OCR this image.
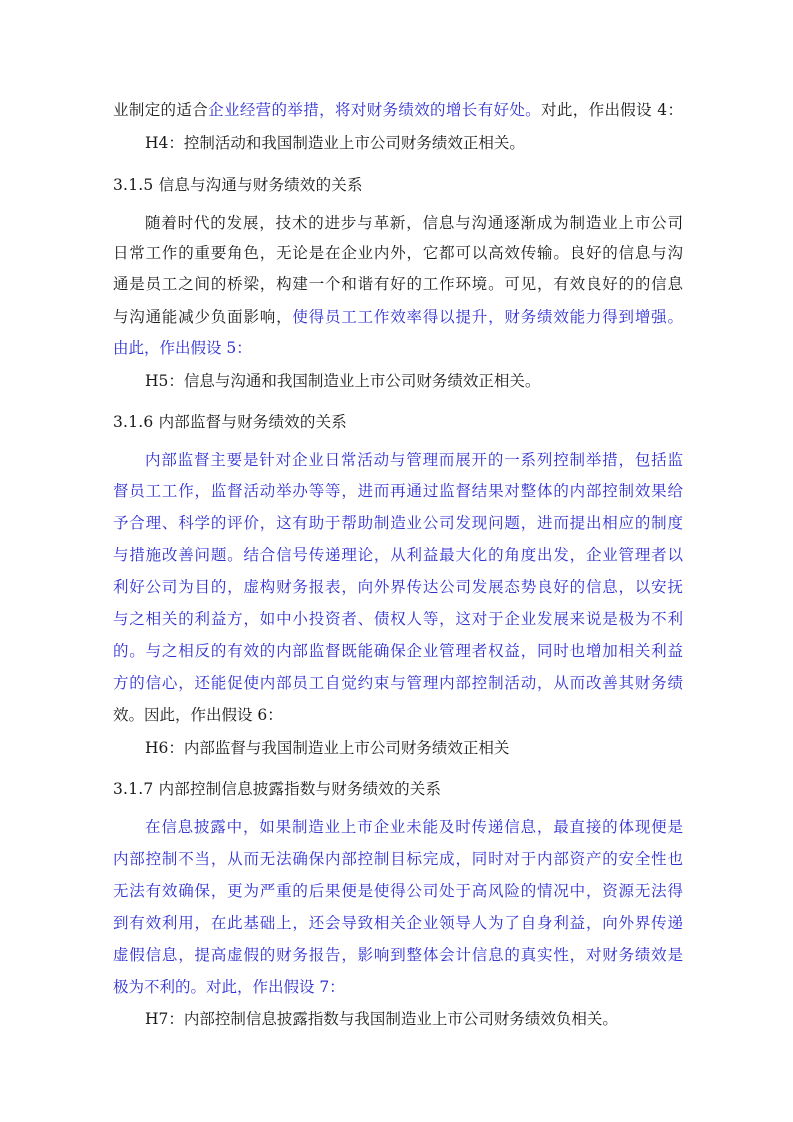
业制定的适合企业经营的举措，将对财务绩效的增长有好处。对此，作出假设 4：
H4：控制活动和我国制造业上市公司财务绩效正相关。
3.1.5 信息与沟通与财务绩效的关系
随着时代的发展，技术的进步与革新，信息与沟通逐渐成为制造业上市公司
日常工作的重要角色，无论是在企业内外，它都可以高效传输。良好的信息与沟
通是员工之间的桥梁，构建一个和谐有好的工作环境。可见，有效良好的的信息
与沟通能减少负面影响，使得员工工作效率得以提升，财务绩效能力得到增强。
由此，作出假设 5：
H5：信息与沟通和我国制造业上市公司财务绩效正相关。
3.1.6 内部监督与财务绩效的关系
内部监督主要是针对企业日常活动与管理而展开的一系列控制举措，包括监
督员工工作，监督活动举办等等，进而再通过监督结果对整体的内部控制效果给
予合理、科学的评价，这有助于帮助制造业公司发现问题，进而提出相应的制度
与措施改善问题。结合信号传递理论，从利益最大化的角度出发，企业管理者以
利好公司为目的，虚构财务报表，向外界传达公司发展态势良好的信息，以安抚
与之相关的利益方，如中小投资者、债权人等，这对于企业发展来说是极为不利
的。与之相反的有效的内部监督既能确保企业管理者权益，同时也增加相关利益
方的信心，还能促使内部员工自觉约束与管理内部控制活动，从而改善其财务绩
效。因此，作出假设 6：
H6：内部监督与我国制造业上市公司财务绩效正相关
3.1.7 内部控制信息披露指数与财务绩效的关系
在信息披露中，如果制造业上市企业未能及时传递信息，最直接的体现便是
内部控制不当，从而无法确保内部控制目标完成，同时对于内部资产的安全性也
无法有效确保，更为严重的后果便是使得公司处于高风险的情况中，资源无法得
到有效利用，在此基础上，还会导致相关企业领导人为了自身利益，向外界传递
虚假信息，提高虚假的财务报告，影响到整体会计信息的真实性，对财务绩效是
极为不利的。对此，作出假设 7：
H7：内部控制信息披露指数与我国制造业上市公司财务绩效负相关。
